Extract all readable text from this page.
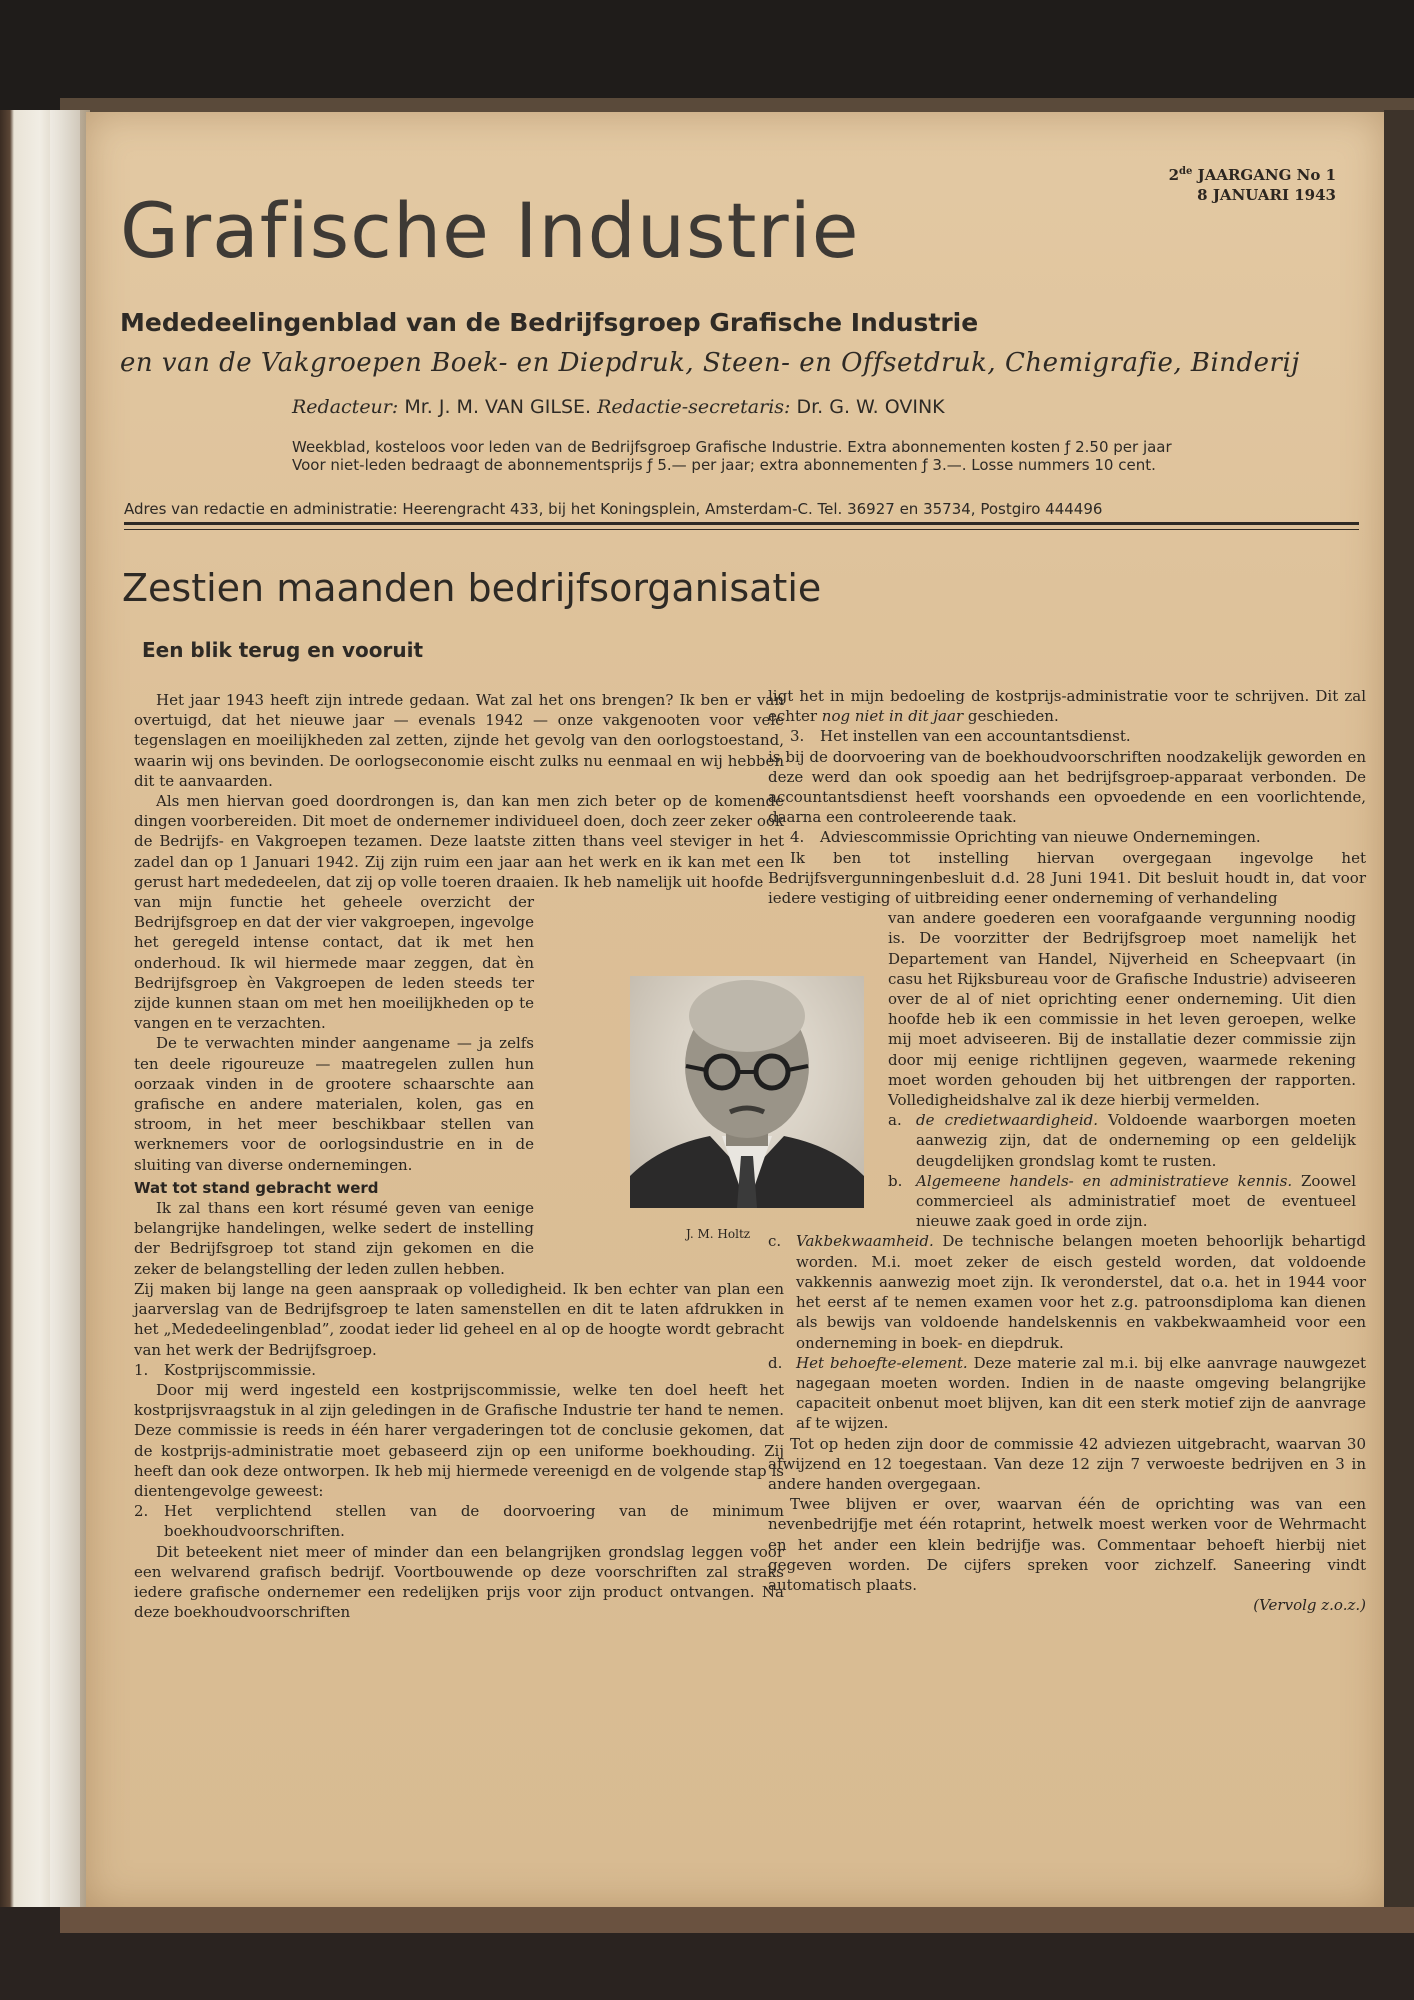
2de JAARGANG No 1
8 JANUARI 1943
Grafische Industrie
Mededeelingenblad van de Bedrijfsgroep Grafische Industrie
en van de Vakgroepen Boek- en Diepdruk, Steen- en Offsetdruk, Chemigrafie, Binderij
Redacteur: Mr. J. M. VAN GILSE. Redactie-secretaris: Dr. G. W. OVINK
Weekblad, kosteloos voor leden van de Bedrijfsgroep Grafische Industrie. Extra abonnementen kosten ƒ 2.50 per jaar
Voor niet-leden bedraagt de abonnementsprijs ƒ 5.— per jaar; extra abonnementen ƒ 3.—. Losse nummers 10 cent.
Adres van redactie en administratie: Heerengracht 433, bij het Koningsplein, Amsterdam-C. Tel. 36927 en 35734, Postgiro 444496
Zestien maanden bedrijfsorganisatie
Een blik terug en vooruit

Het jaar 1943 heeft zijn intrede gedaan. Wat zal het ons brengen? Ik ben er van overtuigd, dat het nieuwe jaar — evenals 1942 — onze vakgenooten voor vele tegenslagen en moeilijkheden zal zetten, zijnde het gevolg van den oorlogstoestand, waarin wij ons bevinden. De oorlogseconomie eischt zulks nu eenmaal en wij hebben dit te aanvaarden.

Als men hiervan goed doordrongen is, dan kan men zich beter op de komende dingen voorbereiden. Dit moet de ondernemer individueel doen, doch zeer zeker ook de Bedrijfs- en Vakgroepen tezamen. Deze laatste zitten thans veel steviger in het zadel dan op 1 Januari 1942. Zij zijn ruim een jaar aan het werk en ik kan met een gerust hart mededeelen, dat zij op volle toeren draaien. Ik heb namelijk uit hoofde

van mijn functie het geheele overzicht der Bedrijfsgroep en dat der vier vakgroepen, ingevolge het geregeld intense contact, dat ik met hen onderhoud. Ik wil hiermede maar zeggen, dat èn Bedrijfsgroep èn Vakgroepen de leden steeds ter zijde kunnen staan om met hen moeilijkheden op te vangen en te verzachten.

De te verwachten minder aangename — ja zelfs ten deele rigoureuze — maatregelen zullen hun oorzaak vinden in de grootere schaarschte aan grafische en andere materialen, kolen, gas en stroom, in het meer beschikbaar stellen van werknemers voor de oorlogsindustrie en in de sluiting van diverse ondernemingen.

Wat tot stand gebracht werd

Ik zal thans een kort résumé geven van eenige belangrijke handelingen, welke sedert de instelling der Bedrijfsgroep tot stand zijn gekomen en die zeker de belangstelling der leden zullen hebben.

Zij maken bij lange na geen aanspraak op volledigheid. Ik ben echter van plan een jaarverslag van de Bedrijfsgroep te laten samenstellen en dit te laten afdrukken in het „Mededeelingenblad”, zoodat ieder lid geheel en al op de hoogte wordt gebracht van het werk der Bedrijfsgroep.

1.	Kostprijscommissie.

Door mij werd ingesteld een kostprijscommissie, welke ten doel heeft het kostprijsvraagstuk in al zijn geledingen in de Grafische Industrie ter hand te nemen. Deze commissie is reeds in één harer vergaderingen tot de conclusie gekomen, dat de kostprijs-administratie moet gebaseerd zijn op een uniforme boekhouding. Zij heeft dan ook deze ontworpen. Ik heb mij hiermede vereenigd en de volgende stap is dientengevolge geweest:

2.	Het verplichtend stellen van de doorvoering van de minimum boekhoudvoorschriften.

Dit beteekent niet meer of minder dan een belangrijken grondslag leggen voor een welvarend grafisch bedrijf. Voortbouwende op deze voorschriften zal straks iedere grafische ondernemer een redelijken prijs voor zijn product ontvangen. Na deze boekhoudvoorschriften

J. M. Holtz

ligt het in mijn bedoeling de kostprijs-administratie voor te schrijven. Dit zal echter nog niet in dit jaar geschieden.

3.	Het instellen van een accountantsdienst.

is bij de doorvoering van de boekhoudvoorschriften noodzakelijk geworden en deze werd dan ook spoedig aan het bedrijfsgroep-apparaat verbonden. De accountantsdienst heeft voorshands een opvoedende en een voorlichtende, daarna een controleerende taak.

4.	Adviescommissie Oprichting van nieuwe Ondernemingen.

Ik ben tot instelling hiervan overgegaan ingevolge het Bedrijfsvergunningenbesluit d.d. 28 Juni 1941. Dit besluit houdt in, dat voor iedere vestiging of uitbreiding eener onderneming of verhandeling

van andere goederen een voorafgaande vergunning noodig is. De voorzitter der Bedrijfsgroep moet namelijk het Departement van Handel, Nijverheid en Scheepvaart (in casu het Rijksbureau voor de Grafische Industrie) adviseeren over de al of niet oprichting eener onderneming. Uit dien hoofde heb ik een commissie in het leven geroepen, welke mij moet adviseeren. Bij de installatie dezer commissie zijn door mij eenige richtlijnen gegeven, waarmede rekening moet worden gehouden bij het uitbrengen der rapporten. Volledigheidshalve zal ik deze hierbij vermelden.

a. de credietwaardigheid. Voldoende waarborgen moeten aanwezig zijn, dat de onderneming op een geldelijk deugdelijken grondslag komt te rusten.

b. Algemeene handels- en administratieve kennis. Zoowel commercieel als administratief moet de eventueel nieuwe zaak goed in orde zijn.

c. Vakbekwaamheid. De technische belangen moeten behoorlijk behartigd worden. M.i. moet zeker de eisch gesteld worden, dat voldoende vakkennis aanwezig moet zijn. Ik veronderstel, dat o.a. het in 1944 voor het eerst af te nemen examen voor het z.g. patroonsdiploma kan dienen als bewijs van voldoende handelskennis en vakbekwaamheid voor een onderneming in boek- en diepdruk.

d. Het behoefte-element. Deze materie zal m.i. bij elke aanvrage nauwgezet nagegaan moeten worden. Indien in de naaste omgeving belangrijke capaciteit onbenut moet blijven, kan dit een sterk motief zijn de aanvrage af te wijzen.

Tot op heden zijn door de commissie 42 adviezen uitgebracht, waarvan 30 afwijzend en 12 toegestaan. Van deze 12 zijn 7 verwoeste bedrijven en 3 in andere handen overgegaan.

Twee blijven er over, waarvan één de oprichting was van een nevenbedrijfje met één rotaprint, hetwelk moest werken voor de Wehrmacht en het ander een klein bedrijfje was. Commentaar behoeft hierbij niet gegeven worden. De cijfers spreken voor zichzelf. Saneering vindt automatisch plaats.

(Vervolg z.o.z.)
